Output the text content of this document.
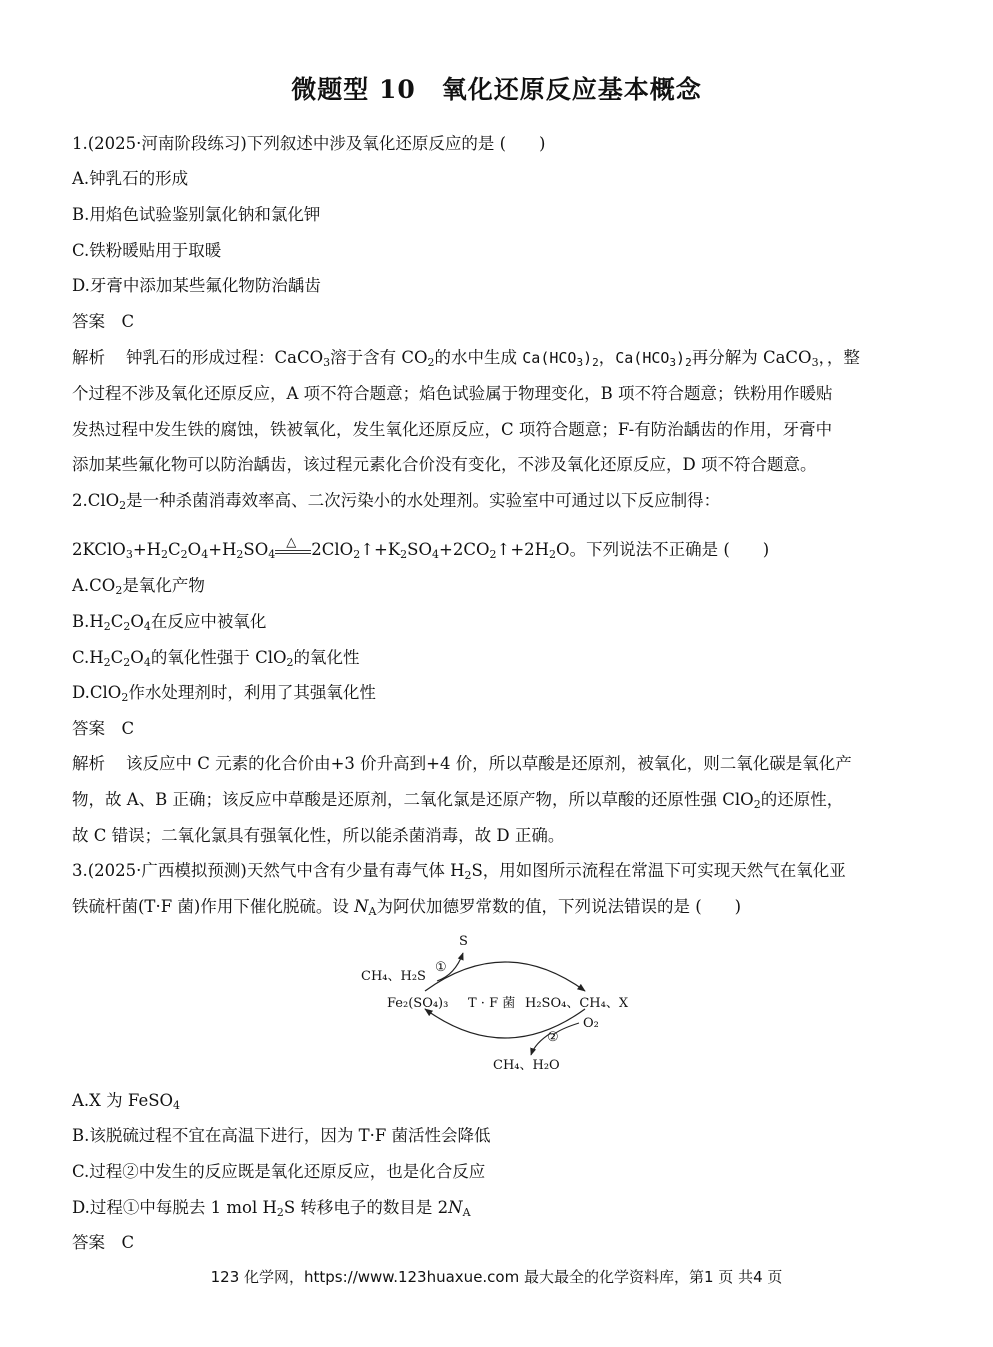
微题型 10　氧化还原反应基本概念
1.(2025·河南阶段练习)下列叙述中涉及氧化还原反应的是 (　　)
A.钟乳石的形成
B.用焰色试验鉴别氯化钠和氯化钾
C.铁粉暖贴用于取暖
D.牙膏中添加某些氟化物防治龋齿
答案　C
解析 钟乳石的形成过程：CaCO$_3$溶于含有 $CO_2$的水中生成 $Ca(HCO_3)_2$，$Ca(HCO_3)_2$再分解为 CaCO$_3$，，整
个过程不涉及氧化还原反应，A 项不符合题意；焰色试验属于物理变化，B 项不符合题意；铁粉用作暖贴
发热过程中发生铁的腐蚀，铁被氧化，发生氧化还原反应，C 项符合题意；F-有防治龋齿的作用，牙膏中
添加某些氟化物可以防治龋齿，该过程元素化合价没有变化，不涉及氧化还原反应，D 项不符合题意。
2.ClO$_2$是一种杀菌消毒效率高、二次污染小的水处理剂。实验室中可通过以下反应制得：
$2KClO_3+H_2C_2O_4+H_2SO_4$
△ $2ClO_2↑+K_2SO_4+2CO_2↑+2H_2O$。下列说法不正确是 (　　)
$A.CO_2$是氧化产物
$B.H_2C_2O_4$在反应中被氧化
$C.H_2C_2O_4$的氧化性强于 ClO$_2$的氧化性
D.ClO$_2$作水处理剂时，利用了其强氧化性
答案　C
解析 该反应中 C 元素的化合价由+3 价升高到+4 价，所以草酸是还原剂，被氧化，则二氧化碳是氧化产
物，故 A、B 正确；该反应中草酸是还原剂，二氧化氯是还原产物，所以草酸的还原性强 ClO$_2$的还原性，
故 C 错误；二氧化氯具有强氧化性，所以能杀菌消毒，故 D 正确。
3.(2025·广西模拟预测)天然气中含有少量有毒气体 $H_2S$，用如图所示流程在常温下可实现天然气在氧化亚
铁硫杆菌(T·F 菌)作用下催化脱硫。设 $N_A$为阿伏加德罗常数的值，下列说法错误的是 (　　)
S
CH₄、H₂S
①
Fe₂(SO₄)₃ T · F 菌 H₂SO₄、CH₄、X
O₂
②
CH₄、H₂O
A.X 为 FeSO$_4$
B.该脱硫过程不宜在高温下进行，因为 T·F 菌活性会降低
C.过程②中发生的反应既是氧化还原反应，也是化合反应
D.过程①中每脱去 1 mol $H_2S$ 转移电子的数目是 $2N_A$
答案　C
123 化学网，https://www.123huaxue.com 最大最全的化学资料库，第1 页 共4 页
